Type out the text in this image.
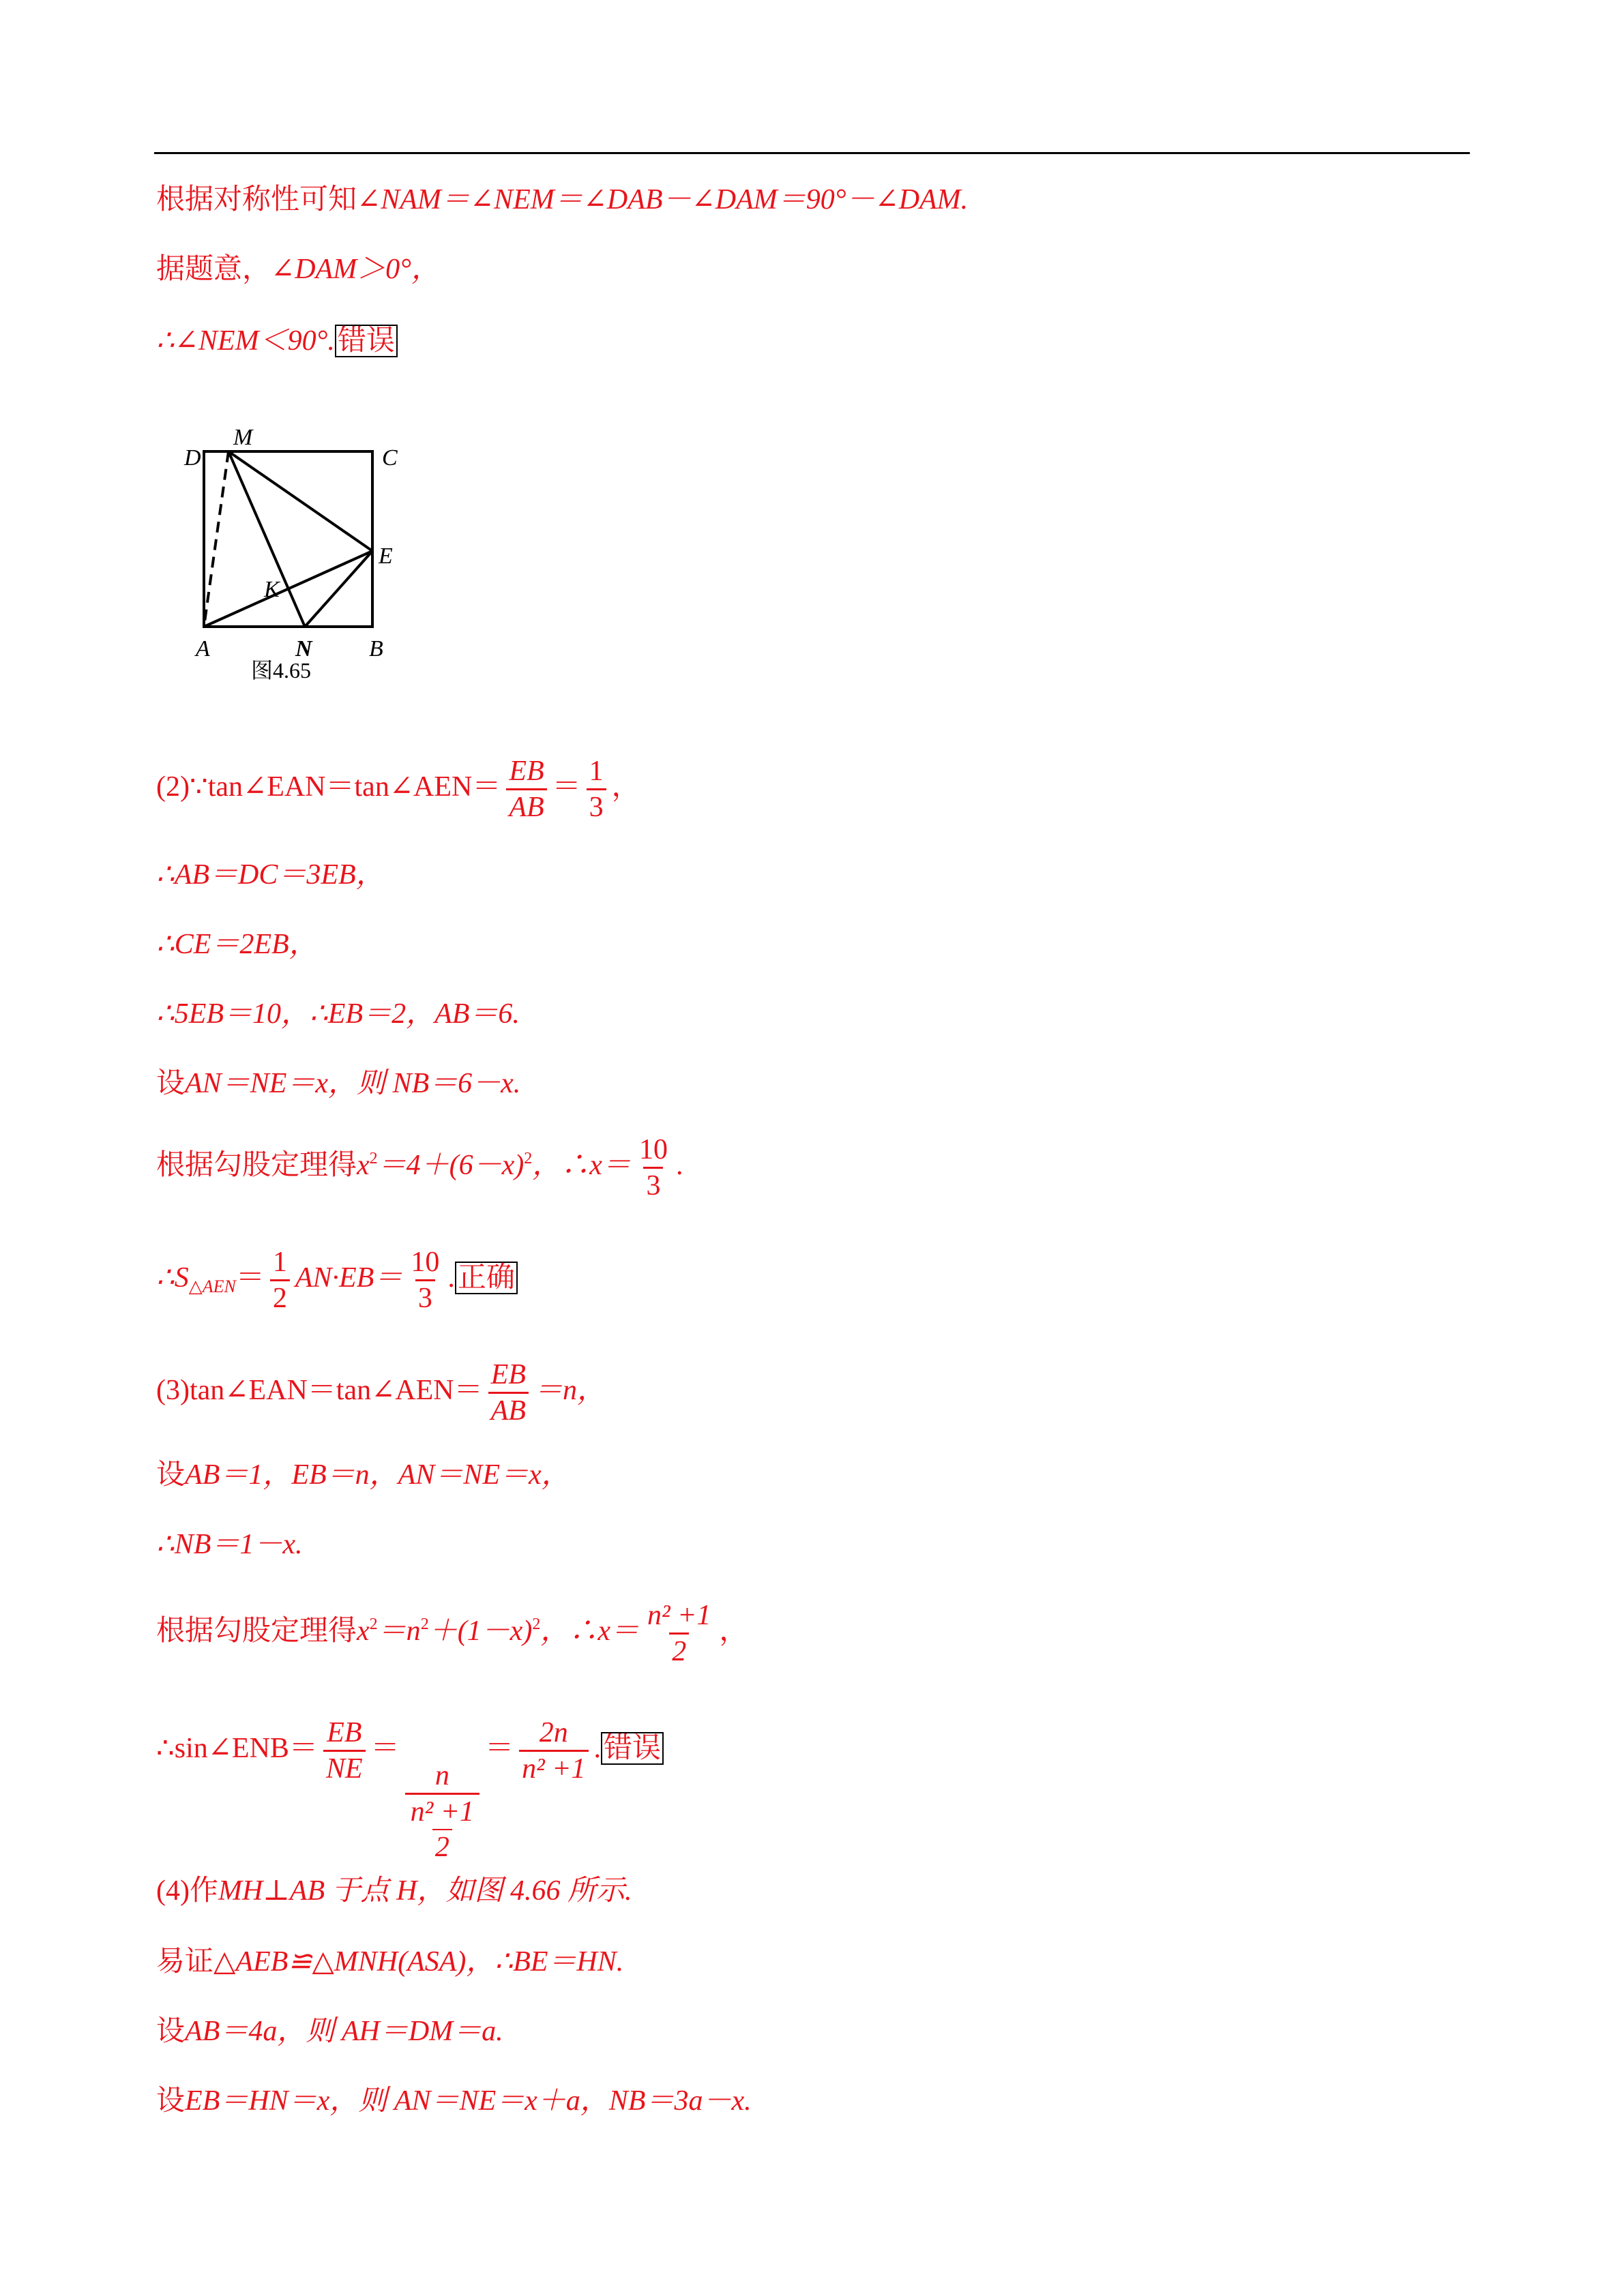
根据对称性可知∠NAM＝∠NEM＝∠DAB－∠DAM＝90°－∠DAM.
据题意，∠DAM＞0°，
∴∠NEM＜90°.错误
D
M
C
E
K
A	N B
图4.65
(2)∵tan∠EAN＝tan∠AEN＝ $\frac{EB}{AB} = \frac{1}{3}$ ，
∴AB＝DC＝3EB，
∴CE＝2EB，
∴5EB＝10，∴EB＝2，AB＝6.
设AN＝NE＝x，则 NB＝6－x.
根据勾股定理得$x^2=4+(6-x)^2$，∴x＝ $\frac{10}{3}$ .
$\therefore S_{\triangle AEN}= \frac{1}{2} AN\cdot EB= \frac{10}{3}$ .正确
(3)tan∠EAN＝tan∠AEN＝ $\frac{EB}{AB} =n$，
设AB＝1，EB＝n，AN＝NE＝x，
∴NB＝1－x.
根据勾股定理得$x^2=n^2+(1-x)^2$，∴x＝ $\frac{\text{n² +1}}{2}$ ，
∴sin∠ENB＝ $\frac{EB}{NE}$ ＝
$\frac{n}{\frac{\text{n² +1}}{2}}$
＝ $\frac{2n}{\text{n² +1}}$ .错误
(4)作MH⊥AB 于点 H，如图 4.66 所示.
易证△AEB≌△MNH(ASA)，∴BE＝HN.
设AB＝4a，则 AH＝DM＝a.
设EB＝HN＝x，则 AN＝NE＝x＋a，NB＝3a－x.
